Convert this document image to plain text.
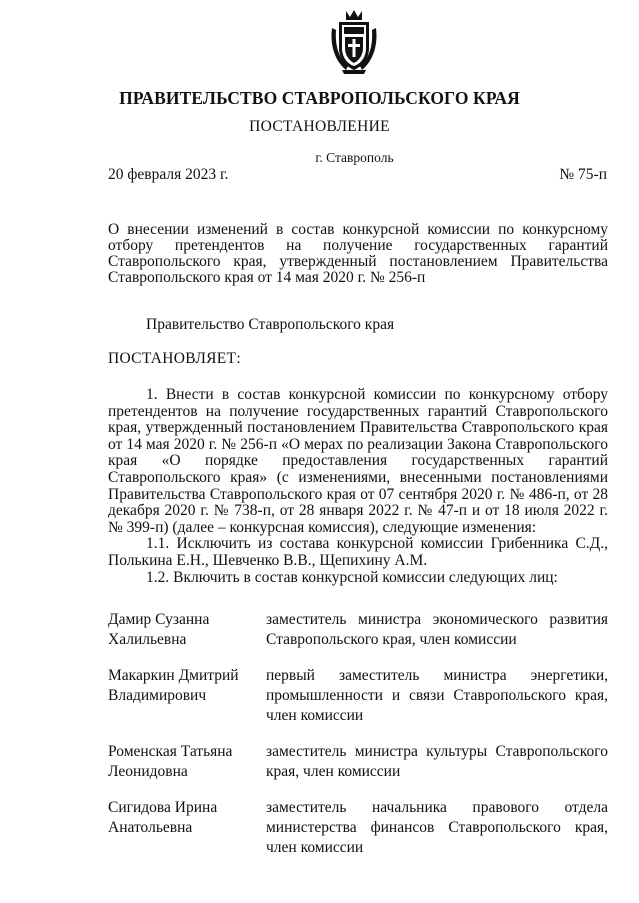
ПРАВИТЕЛЬСТВО СТАВРОПОЛЬСКОГО КРАЯ
ПОСТАНОВЛЕНИЕ
г. Ставрополь
20 февраля 2023 г.	№ 75-п
О внесении изменений в состав конкурсной комиссии по конкурсному отбору претендентов на получение государственных гарантий Ставропольского края, утвержденный постановлением Правительства Ставропольского края от 14 мая 2020 г. № 256-п
Правительство Ставропольского края
ПОСТАНОВЛЯЕТ:

1. Внести в состав конкурсной комиссии по конкурсному отбору претендентов на получение государственных гарантий Ставропольского края, утвержденный постановлением Правительства Ставропольского края от 14 мая 2020 г. № 256-п «О мерах по реализации Закона Ставропольского края «О порядке предоставления государственных гарантий Ставропольского края» (с изменениями, внесенными постановлениями Правительства Ставропольского края от 07 сентября 2020 г. № 486-п, от 28 декабря 2020 г. № 738-п, от 28 января 2022 г. № 47-п и от 18 июля 2022 г. № 399-п) (далее – конкурсная комиссия), следующие изменения:

1.1. Исключить из состава конкурсной комиссии Грибенника С.Д., Полькина Е.Н., Шевченко В.В., Щепихину А.М.

1.2. Включить в состав конкурсной комиссии следующих лиц:

Дамир Сузанна Халильевна
заместитель министра экономического развития Ставропольского края, член комиссии
Макаркин Дмитрий Владимирович
первый заместитель министра энергетики, промышленности и связи Ставропольского края, член комиссии
Роменская Татьяна Леонидовна
заместитель министра культуры Ставропольского края, член комиссии
Сигидова Ирина Анатольевна
заместитель начальника правового отдела министерства финансов Ставропольского края, член комиссии
